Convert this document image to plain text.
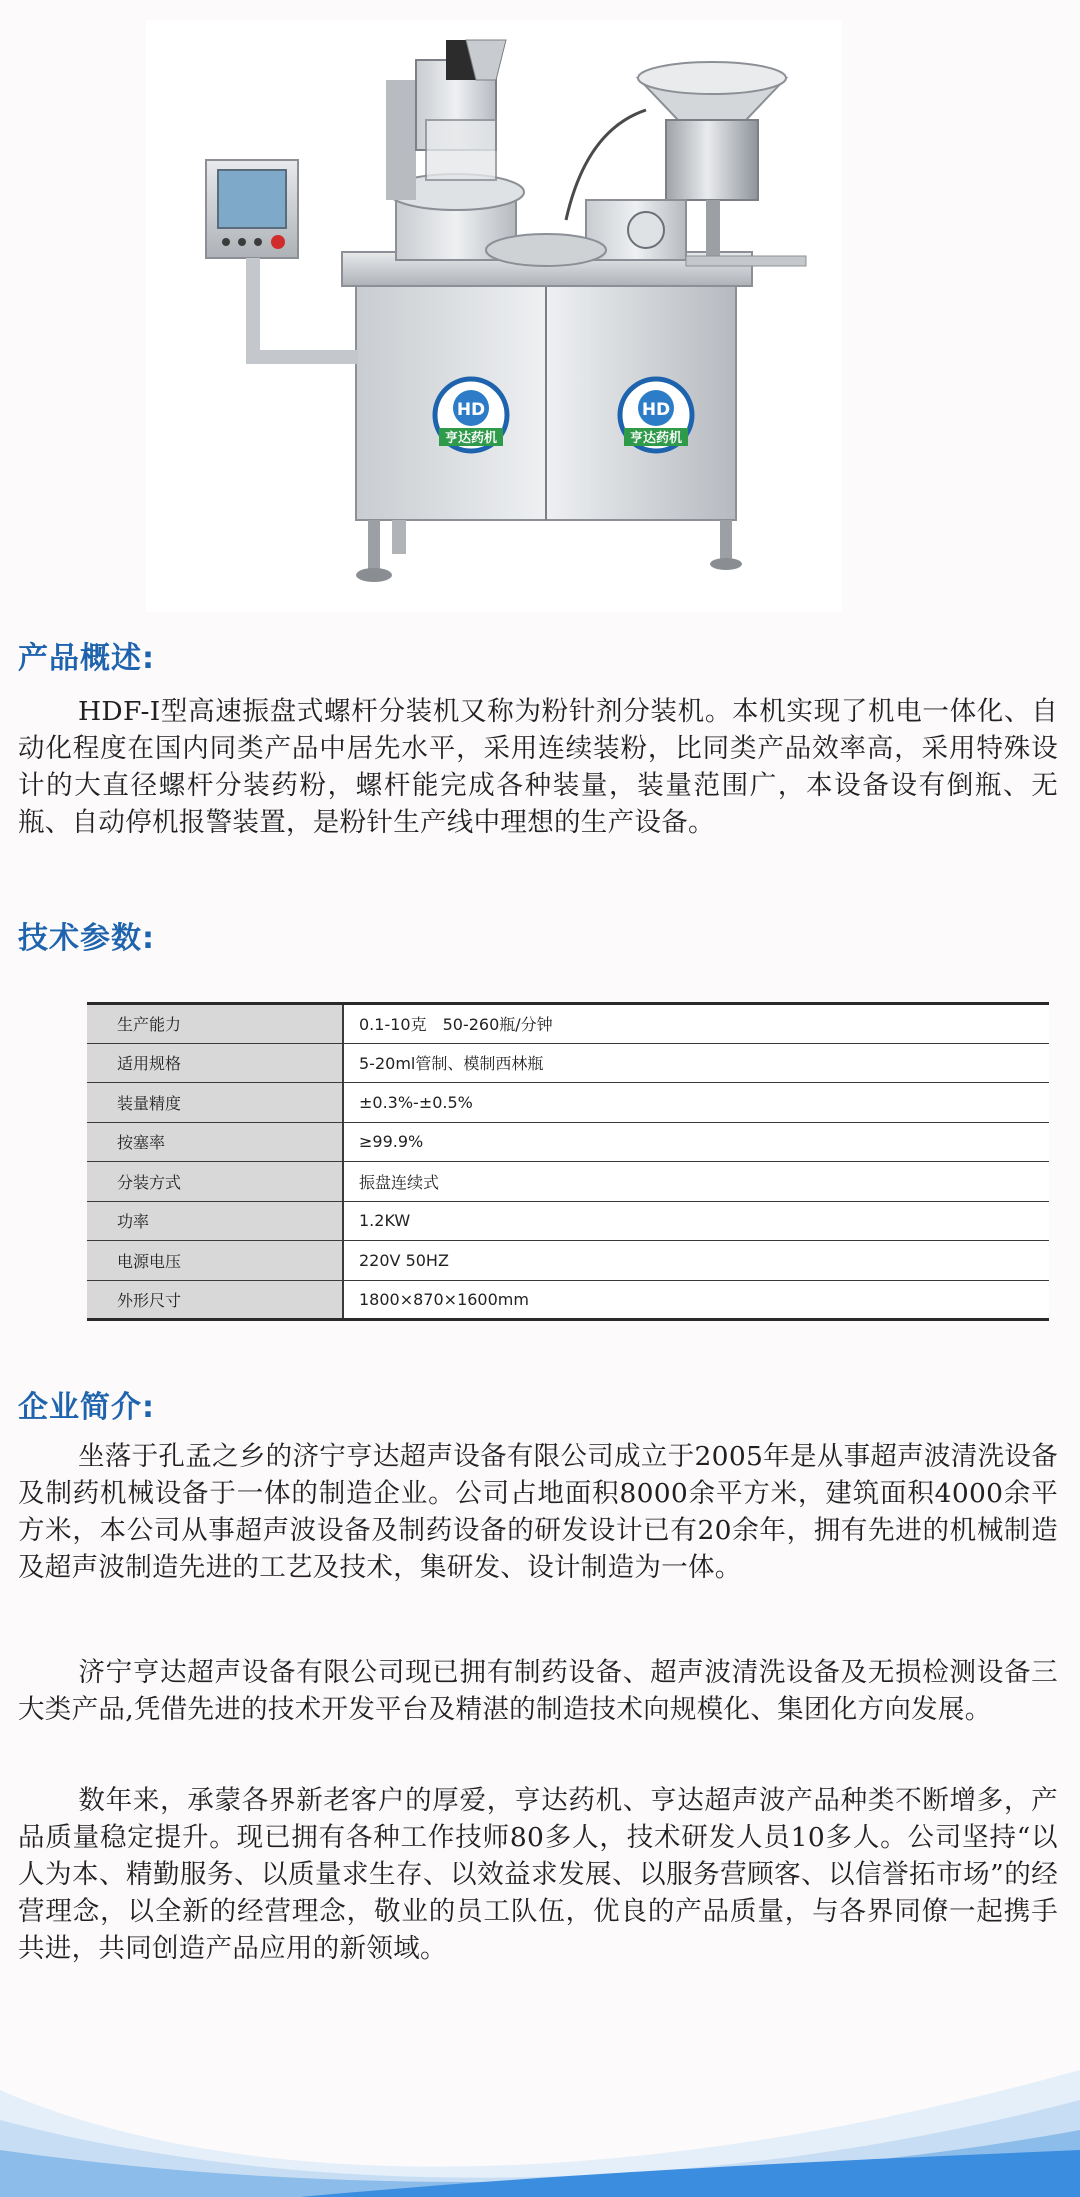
HD
亨达药机
HD
亨达药机
产品概述:

HDF-I型高速振盘式螺杆分装机又称为粉针剂分装机。本机实现了机电一体化、自动化程度在国内同类产品中居先水平，采用连续装粉，比同类产品效率高，采用特殊设计的大直径螺杆分装药粉，螺杆能完成各种装量，装量范围广，本设备设有倒瓶、无瓶、自动停机报警装置，是粉针生产线中理想的生产设备。

技术参数:
生产能力	0.1-10克　50-260瓶/分钟
适用规格	5-20ml管制、模制西林瓶
装量精度	±0.3%-±0.5%
按塞率	≥99.9%
分装方式	振盘连续式
功率	1.2KW
电源电压	220V 50HZ
外形尺寸	1800×870×1600mm
企业简介:

坐落于孔孟之乡的济宁亨达超声设备有限公司成立于2005年是从事超声波清洗设备及制药机械设备于一体的制造企业。公司占地面积8000余平方米，建筑面积4000余平方米，本公司从事超声波设备及制药设备的研发设计已有20余年，拥有先进的机械制造及超声波制造先进的工艺及技术，集研发、设计制造为一体。

济宁亨达超声设备有限公司现已拥有制药设备、超声波清洗设备及无损检测设备三大类产品,凭借先进的技术开发平台及精湛的制造技术向规模化、集团化方向发展。

数年来，承蒙各界新老客户的厚爱，亨达药机、亨达超声波产品种类不断增多，产品质量稳定提升。现已拥有各种工作技师80多人，技术研发人员10多人。公司坚持“以人为本、精勤服务、以质量求生存、以效益求发展、以服务营顾客、以信誉拓市场”的经营理念，以全新的经营理念，敬业的员工队伍，优良的产品质量，与各界同僚一起携手共进，共同创造产品应用的新领域。
